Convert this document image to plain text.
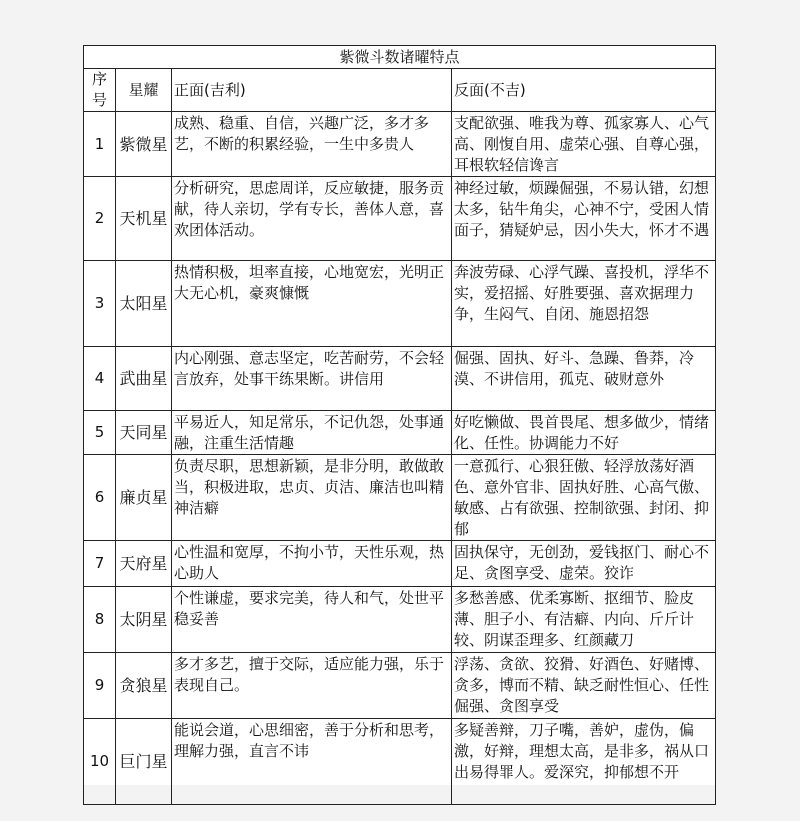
紫微斗数诸曜特点			
序号	星耀	正面(吉利)	反面(不吉)
1	紫微星	成熟、稳重、自信，兴趣广泛，多才多艺，不断的积累经验，一生中多贵人	支配欲强、唯我为尊、孤家寡人、心气高、刚愎自用、虚荣心强、自尊心强，耳根软轻信谗言
2	天机星	分析研究，思虑周详，反应敏捷，服务贡献，待人亲切，学有专长，善体人意，喜欢团体活动。	神经过敏，烦躁倔强，不易认错，幻想太多，钻牛角尖，心神不宁，受困人情面子，猜疑妒忌，因小失大，怀才不遇
3	太阳星	热情积极，坦率直接，心地宽宏，光明正大无心机，豪爽慷慨	奔波劳碌、心浮气躁、喜投机，浮华不实，爱招摇、好胜要强、喜欢据理力争，生闷气、自闭、施恩招怨
4	武曲星	内心刚强、意志坚定，吃苦耐劳，不会轻言放弃，处事干练果断。讲信用	倔强、固执、好斗、急躁、鲁莽，冷漠、不讲信用，孤克、破财意外
5	天同星	平易近人，知足常乐，不记仇怨，处事通融，注重生活情趣	好吃懒做、畏首畏尾、想多做少，情绪化、任性。协调能力不好
6	廉贞星	负责尽职，思想新颖，是非分明，敢做敢当，积极进取，忠贞、贞洁、廉洁也叫精神洁癖	一意孤行、心狠狂傲、轻浮放荡好酒色、意外官非、固执好胜、心高气傲、敏感、占有欲强、控制欲强、封闭、抑郁
7	天府星	心性温和宽厚，不拘小节，天性乐观，热心助人	固执保守，无创劲，爱钱抠门、耐心不足、贪图享受、虚荣。狡诈
8	太阴星	个性谦虚，要求完美，待人和气，处世平稳妥善	多愁善感、优柔寡断、抠细节、脸皮薄、胆子小、有洁癖、内向、斤斤计较、阴谋歪理多、红颜藏刀
9	贪狼星	多才多艺，擅于交际，适应能力强，乐于表现自己。	浮荡、贪欲、狡猾、好酒色、好赌博、贪多，博而不精、缺乏耐性恒心、任性倔强、贪图享受
10	巨门星	能说会道，心思细密，善于分析和思考，理解力强，直言不讳	多疑善辩，刀子嘴，善妒，虚伪，偏激，好辩，理想太高，是非多，祸从口出易得罪人。爱深究，抑郁想不开
